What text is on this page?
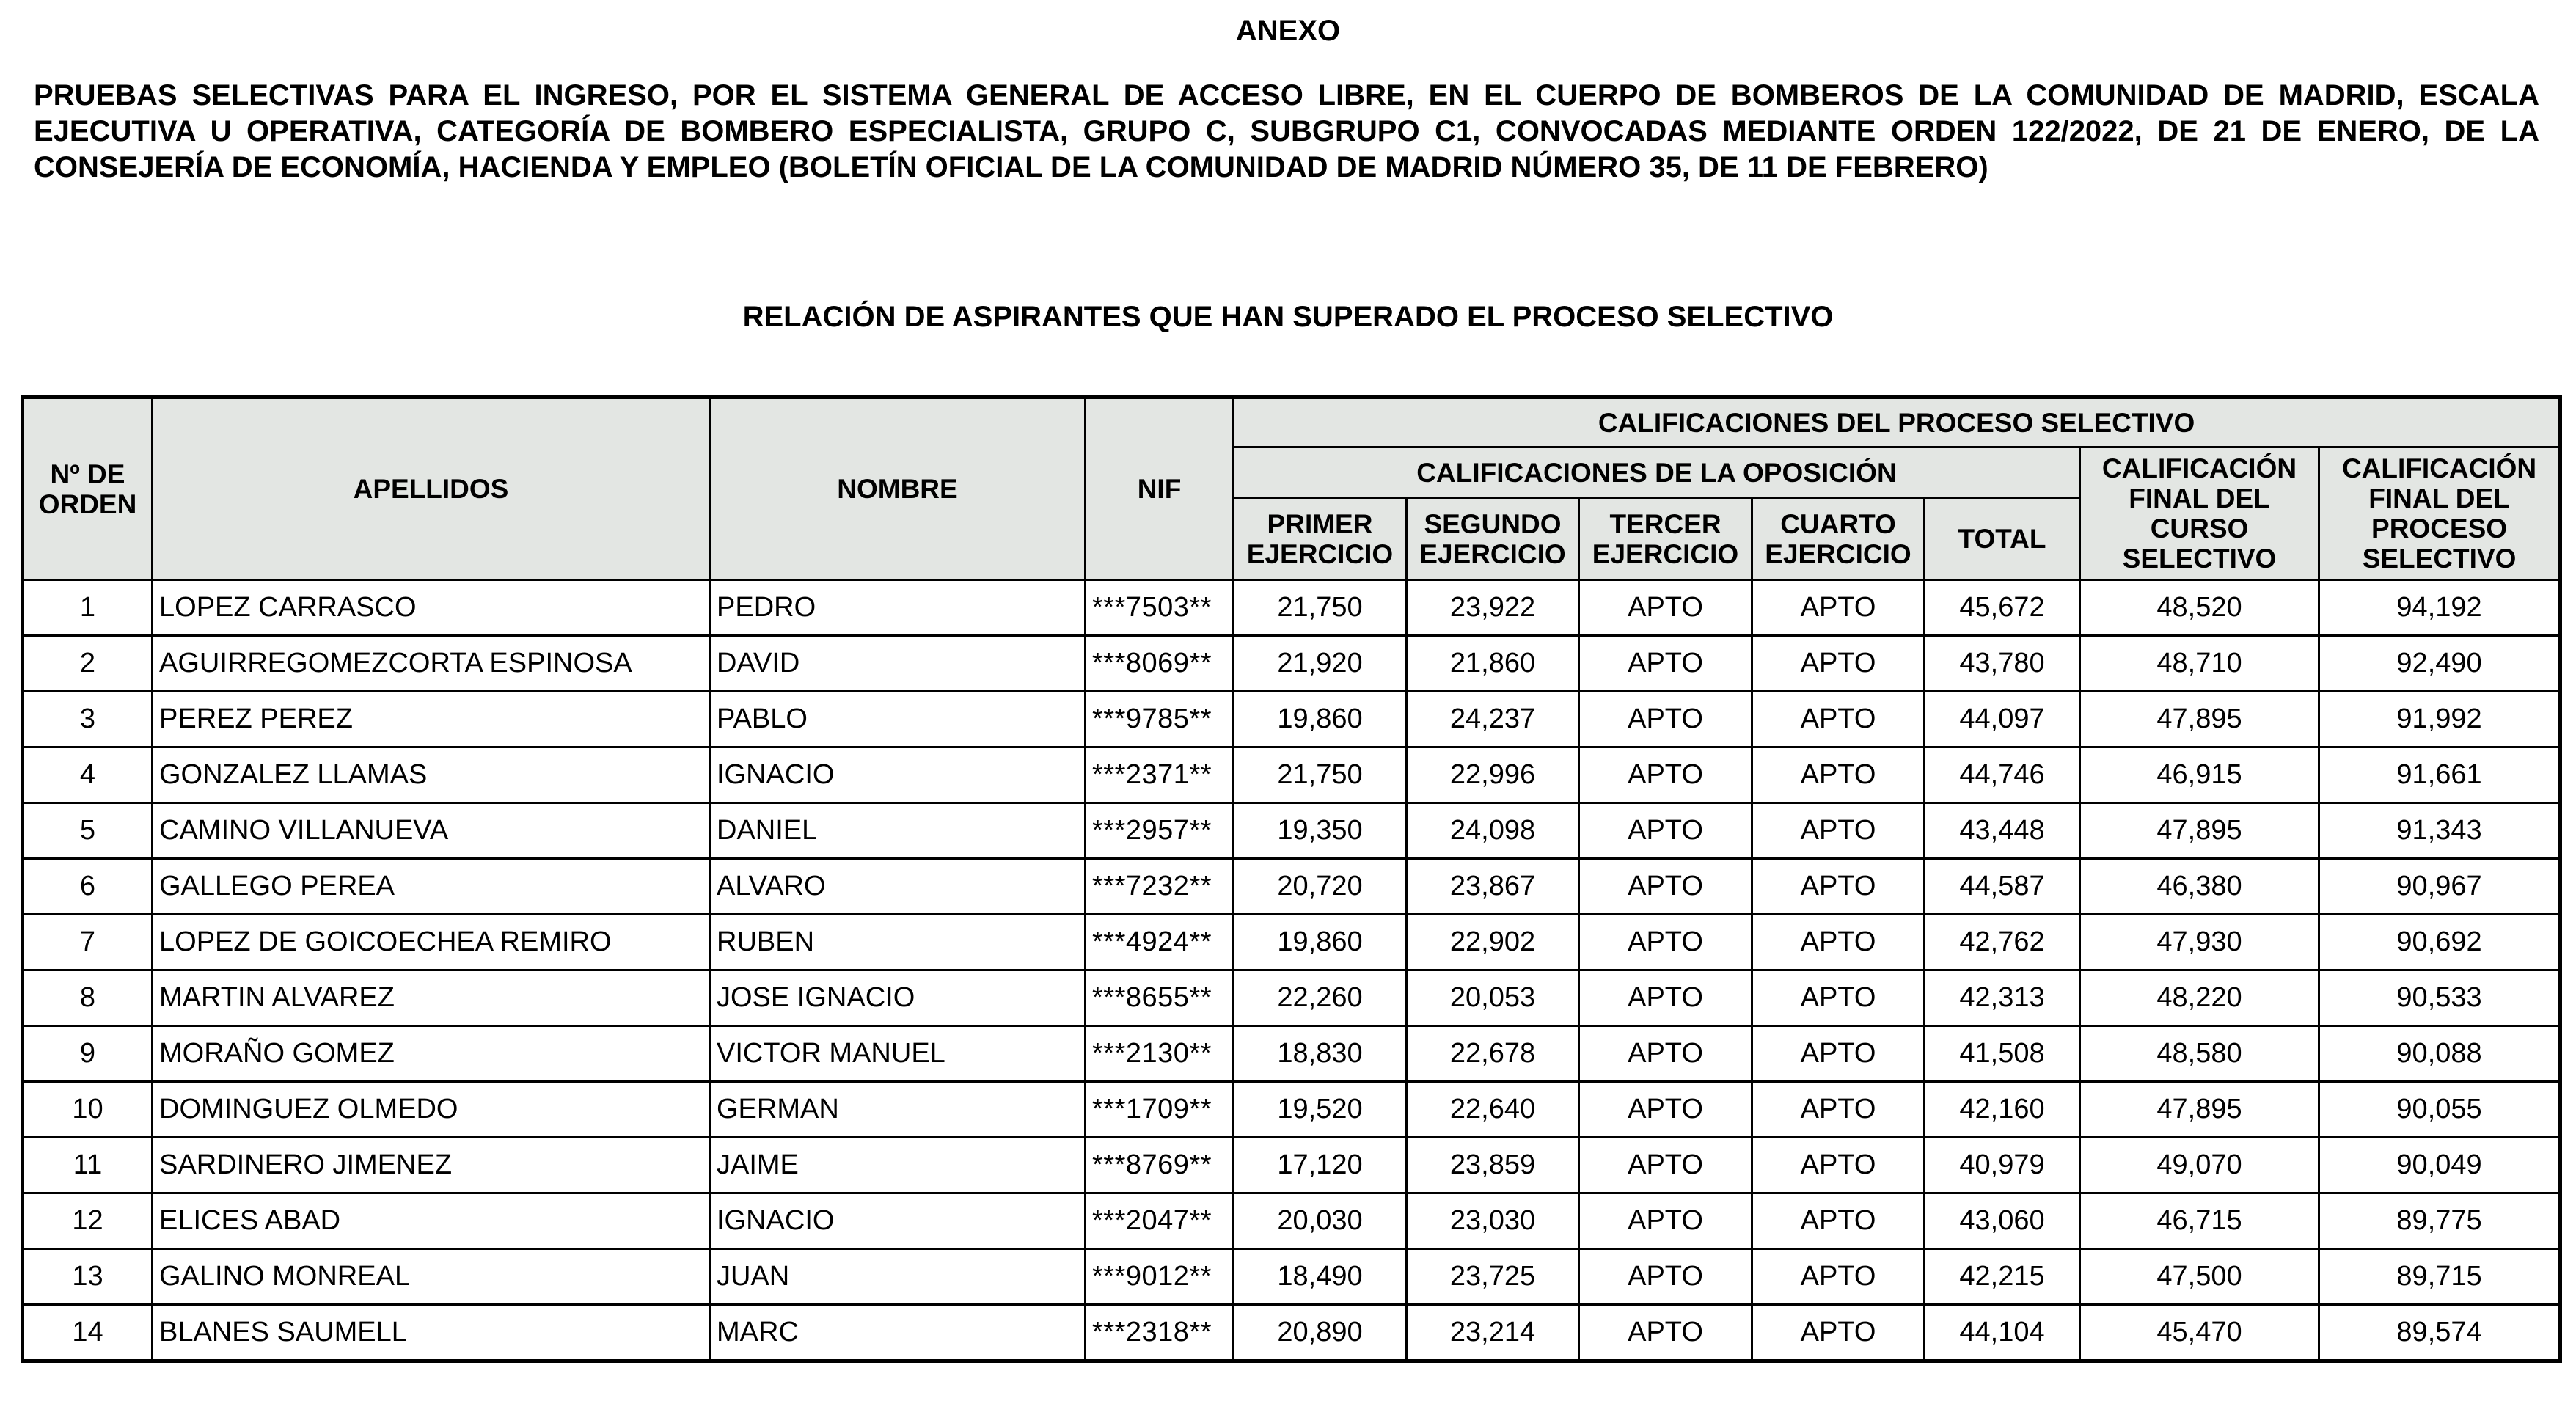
ANEXO
PRUEBAS SELECTIVAS PARA EL INGRESO, POR EL SISTEMA GENERAL DE ACCESO LIBRE, EN EL CUERPO DE BOMBEROS DE LA COMUNIDAD DE MADRID, ESCALA EJECUTIVA U OPERATIVA, CATEGORÍA DE BOMBERO ESPECIALISTA, GRUPO C, SUBGRUPO C1, CONVOCADAS MEDIANTE ORDEN 122/2022, DE 21 DE ENERO, DE LA CONSEJERÍA DE ECONOMÍA, HACIENDA Y EMPLEO (BOLETÍN OFICIAL DE LA COMUNIDAD DE MADRID NÚMERO 35, DE 11 DE FEBRERO)
RELACIÓN DE ASPIRANTES QUE HAN SUPERADO EL PROCESO SELECTIVO
Nº DE ORDEN	APELLIDOS	NOMBRE	NIF	CALIFICACIONES DEL PROCESO SELECTIVO						
				CALIFICACIONES DE LA OPOSICIÓN					CALIFICACIÓN FINAL DEL CURSO SELECTIVO	CALIFICACIÓN FINAL DEL PROCESO SELECTIVO
				PRIMER EJERCICIO	SEGUNDO EJERCICIO	TERCER EJERCICIO	CUARTO EJERCICIO	TOTAL		
1	LOPEZ CARRASCO	PEDRO	***7503**	21,750	23,922	APTO	APTO	45,672	48,520	94,192
2	AGUIRREGOMEZCORTA ESPINOSA	DAVID	***8069**	21,920	21,860	APTO	APTO	43,780	48,710	92,490
3	PEREZ PEREZ	PABLO	***9785**	19,860	24,237	APTO	APTO	44,097	47,895	91,992
4	GONZALEZ LLAMAS	IGNACIO	***2371**	21,750	22,996	APTO	APTO	44,746	46,915	91,661
5	CAMINO VILLANUEVA	DANIEL	***2957**	19,350	24,098	APTO	APTO	43,448	47,895	91,343
6	GALLEGO PEREA	ALVARO	***7232**	20,720	23,867	APTO	APTO	44,587	46,380	90,967
7	LOPEZ DE GOICOECHEA REMIRO	RUBEN	***4924**	19,860	22,902	APTO	APTO	42,762	47,930	90,692
8	MARTIN ALVAREZ	JOSE IGNACIO	***8655**	22,260	20,053	APTO	APTO	42,313	48,220	90,533
9	MORAÑO GOMEZ	VICTOR MANUEL	***2130**	18,830	22,678	APTO	APTO	41,508	48,580	90,088
10	DOMINGUEZ OLMEDO	GERMAN	***1709**	19,520	22,640	APTO	APTO	42,160	47,895	90,055
11	SARDINERO JIMENEZ	JAIME	***8769**	17,120	23,859	APTO	APTO	40,979	49,070	90,049
12	ELICES ABAD	IGNACIO	***2047**	20,030	23,030	APTO	APTO	43,060	46,715	89,775
13	GALINO MONREAL	JUAN	***9012**	18,490	23,725	APTO	APTO	42,215	47,500	89,715
14	BLANES SAUMELL	MARC	***2318**	20,890	23,214	APTO	APTO	44,104	45,470	89,574
